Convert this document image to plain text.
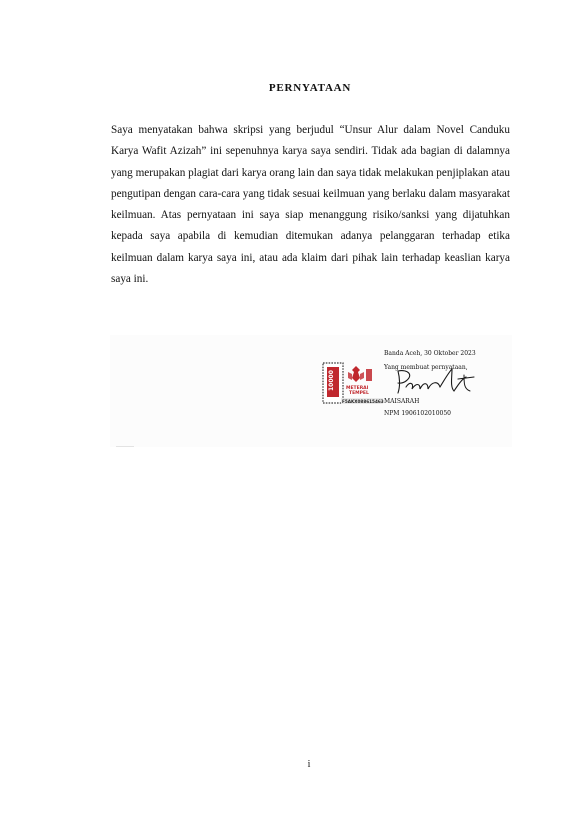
PERNYATAAN

Saya menyatakan bahwa skripsi yang berjudul “Unsur Alur dalam Novel Canduku Karya Wafit Azizah” ini sepenuhnya karya saya sendiri. Tidak ada bagian di dalamnya yang merupakan plagiat dari karya orang lain dan saya tidak melakukan penjiplakan atau pengutipan dengan cara-cara yang tidak sesuai keilmuan yang berlaku dalam masyarakat keilmuan. Atas pernyataan ini saya siap menanggung risiko/sanksi yang dijatuhkan kepada saya apabila di kemudian ditemukan adanya pelanggaran terhadap etika keilmuan dalam karya saya ini, atau ada klaim dari pihak lain terhadap keaslian karya saya ini.

10000 METERAI
TEMPEL
F5AKX088615463
Banda Aceh, 30 Oktober 2023
Yang membuat pernyataan,
MAISARAH
NPM 1906102010050
i
